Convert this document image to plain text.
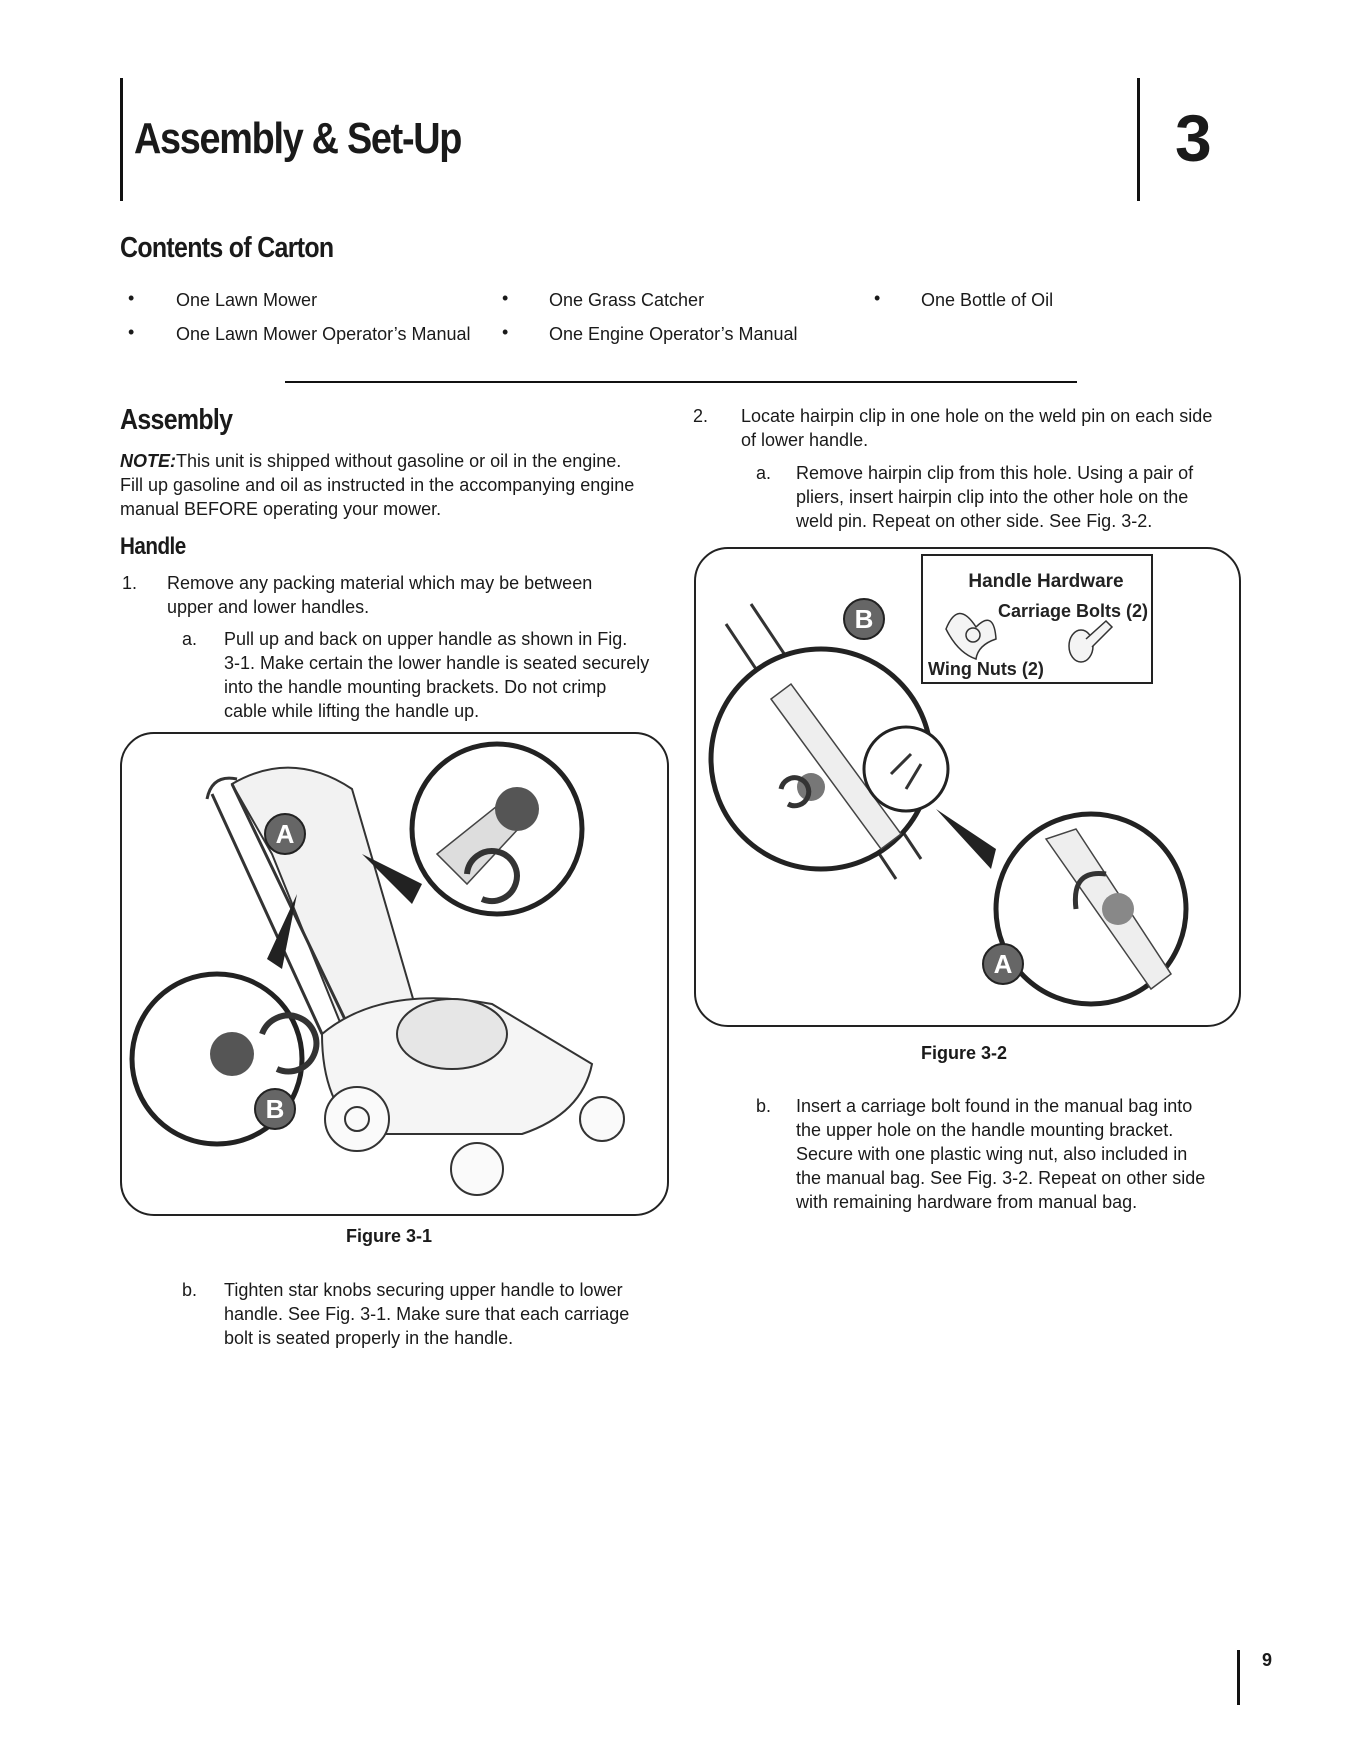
Assembly & Set-Up	3
Contents of Carton
• One Lawn Mower	• One Grass Catcher	• One Bottle of Oil
• One Lawn Mower Operator’s Manual • One Engine Operator’s Manual
Assembly
NOTE:This unit is shipped without gasoline or oil in the engine.
Fill up gasoline and oil as instructed in the accompanying engine
manual BEFORE operating your mower.
Handle
1. Remove any packing material which may be between
upper and lower handles.
a. Pull up and back on upper handle as shown in Fig.
3-1. Make certain the lower handle is seated securely
into the handle mounting brackets. Do not crimp
cable while lifting the handle up.
A
B
Figure 3-1
b. Tighten star knobs securing upper handle to lower
handle. See Fig. 3-1. Make sure that each carriage
bolt is seated properly in the handle.
2. Locate hairpin clip in one hole on the weld pin on each side
of lower handle.
a. Remove hairpin clip from this hole. Using a pair of
pliers, insert hairpin clip into the other hole on the
weld pin. Repeat on other side. See Fig. 3-2.
Handle Hardware
Carriage Bolts (2)
Wing Nuts (2)
B
A
Figure 3-2
b. Insert a carriage bolt found in the manual bag into
the upper hole on the handle mounting bracket.
Secure with one plastic wing nut, also included in
the manual bag. See Fig. 3-2. Repeat on other side
with remaining hardware from manual bag.
9
